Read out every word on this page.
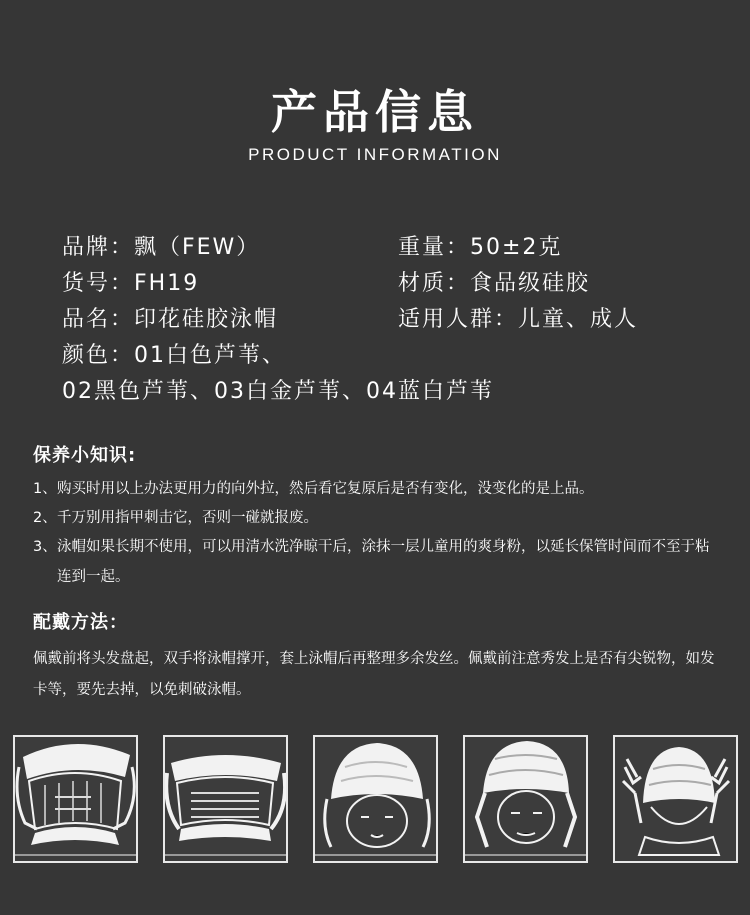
产品信息
PRODUCT INFORMATION
品牌：飘（FEW）	重量：50±2克
货号：FH19	材质：食品级硅胶
品名：印花硅胶泳帽	适用人群：儿童、成人
颜色：01白色芦苇、
02黑色芦苇、03白金芦苇、04蓝白芦苇
保养小知识:
1、购买时用以上办法更用力的向外拉，然后看它复原后是否有变化，没变化的是上品。
2、千万别用指甲刺击它，否则一碰就报废。
3、泳帽如果长期不使用，可以用清水洗净晾干后，涂抹一层儿童用的爽身粉，以延长保管时间而不至于粘连到一起。
配戴方法：
佩戴前将头发盘起，双手将泳帽撑开，套上泳帽后再整理多余发丝。佩戴前注意秀发上是否有尖锐物，如发卡等，要先去掉，以免刺破泳帽。
